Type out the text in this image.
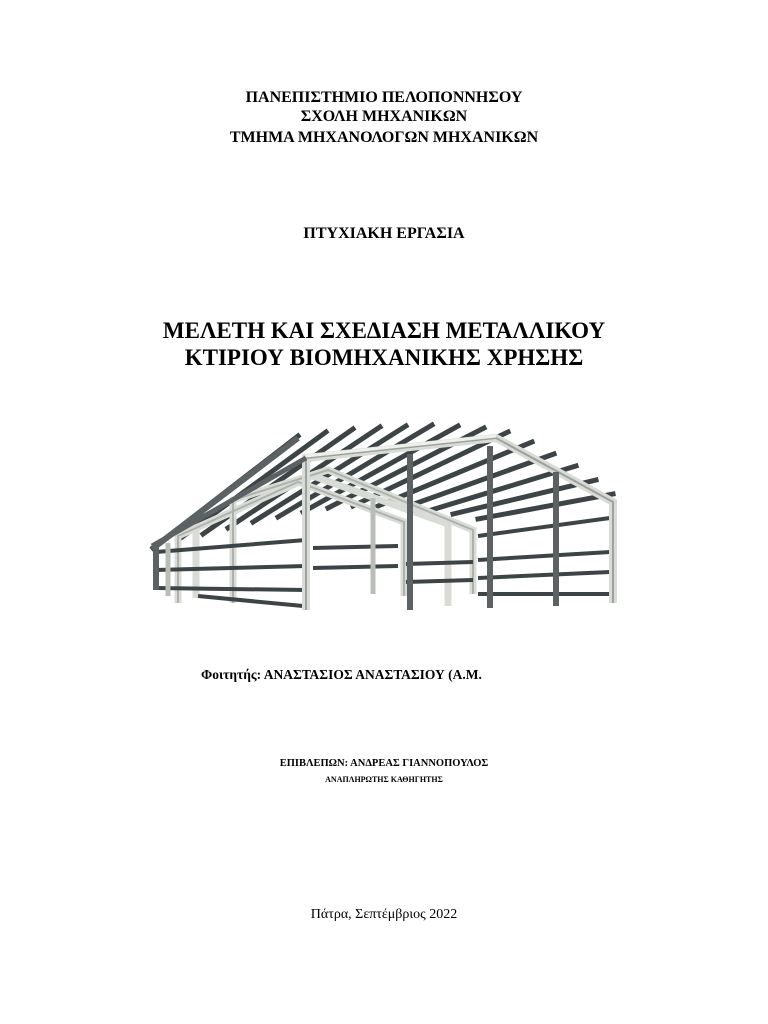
ΠΑΝΕΠΙΣΤΗΜΙΟ ΠΕΛΟΠΟΝΝΗΣΟΥ
ΣΧΟΛΗ ΜΗΧΑΝΙΚΩΝ
ΤΜΗΜΑ ΜΗΧΑΝΟΛΟΓΩΝ ΜΗΧΑΝΙΚΩΝ
ΠΤΥΧΙΑΚΗ ΕΡΓΑΣΙΑ
ΜΕΛΕΤΗ ΚΑΙ ΣΧΕΔΙΑΣΗ ΜΕΤΑΛΛΙΚΟΥ
ΚΤΙΡΙΟΥ ΒΙΟΜΗΧΑΝΙΚΗΣ ΧΡΗΣΗΣ
Φοιτητής: ΑΝΑΣΤΑΣΙΟΣ ΑΝΑΣΤΑΣΙΟΥ (Α.Μ.
ΕΠΙΒΛΕΠΩΝ: ΑΝΔΡΕΑΣ ΓΙΑΝΝΟΠΟΥΛΟΣ
ΑΝΑΠΛΗΡΩΤΗΣ ΚΑΘΗΓΗΤΗΣ
Πάτρα, Σεπτέμβριος 2022
